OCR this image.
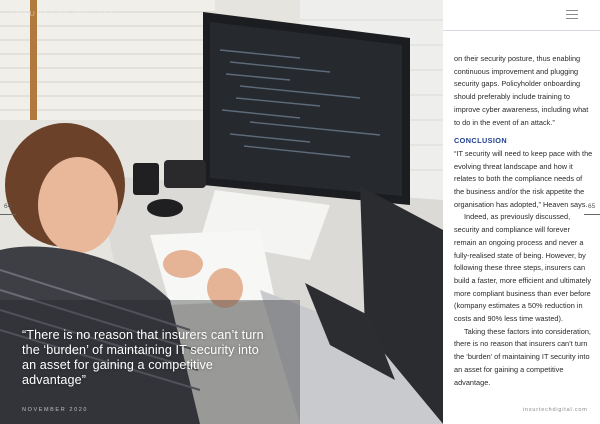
INSURTECH DIGITAL
64
“There is no reason that insurers can’t turn the ‘burden’ of maintaining IT security into an asset for gaining a competitive advantage”
NOVEMBER 2020

on their security posture, thus enabling continuous improvement and plugging security gaps. Policyholder onboarding should preferably include training to improve cyber awareness, including what to do in the event of an attack.”

CONCLUSION

“IT security will need to keep pace with the evolving threat landscape and how it relates to both the compliance needs of the business and/or the risk appetite the organisation has adopted,” Heaven says.

Indeed, as previously discussed, security and compliance will forever remain an ongoing process and never a fully-realised state of being. However, by following these three steps, insurers can build a faster, more efficient and ultimately more compliant business than ever before (kompany estimates a 50% reduction in costs and 90% less time wasted).

Taking these factors into consideration, there is no reason that insurers can’t turn the ‘burden’ of maintaining IT security into an asset for gaining a competitive advantage.

65
insurtechdigital.com
